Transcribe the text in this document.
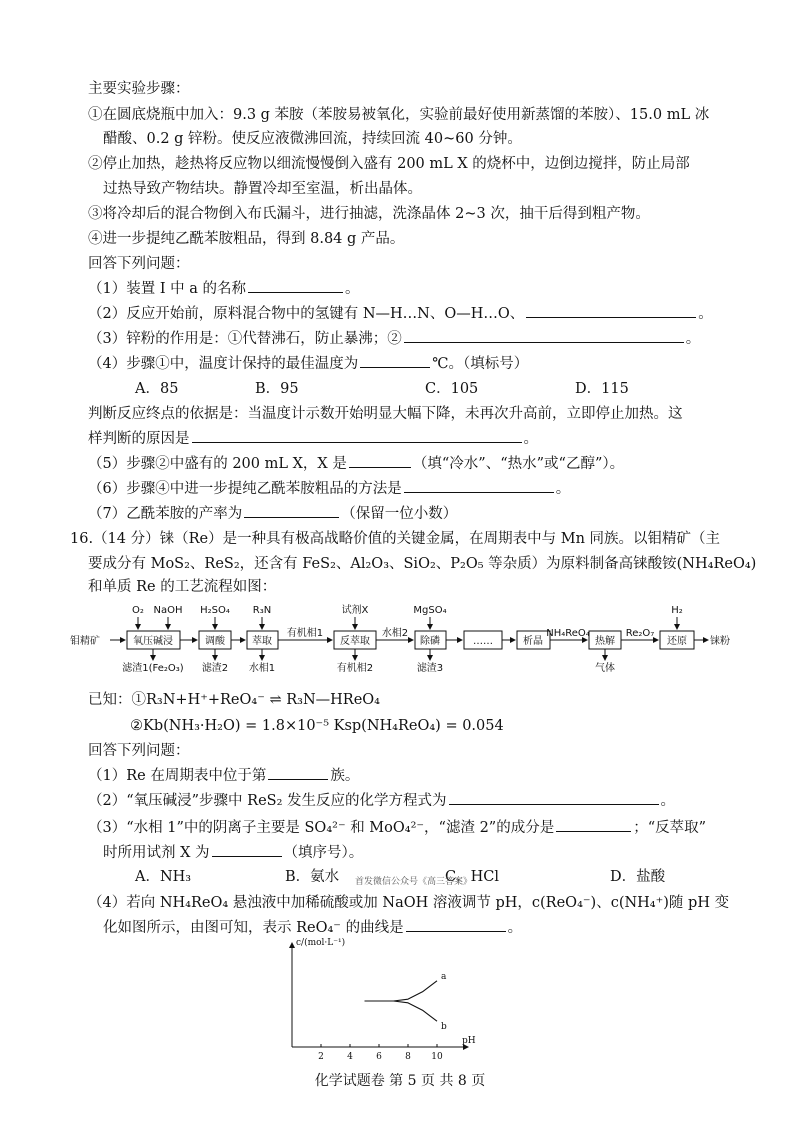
主要实验步骤：
①在圆底烧瓶中加入：9.3 g 苯胺（苯胺易被氧化，实验前最好使用新蒸馏的苯胺）、15.0 mL 冰
醋酸、0.2 g 锌粉。使反应液微沸回流，持续回流 40~60 分钟。
②停止加热，趁热将反应物以细流慢慢倒入盛有 200 mL X 的烧杯中，边倒边搅拌，防止局部
过热导致产物结块。静置冷却至室温，析出晶体。
③将冷却后的混合物倒入布氏漏斗，进行抽滤，洗涤晶体 2~3 次，抽干后得到粗产物。
④进一步提纯乙酰苯胺粗品，得到 8.84 g 产品。
回答下列问题：
（1）装置 I 中 a 的名称	。
（2）反应开始前，原料混合物中的氢键有 N—H…N、O—H…O、	。
（3）锌粉的作用是：①代替沸石，防止暴沸；②	。
（4）步骤①中，温度计保持的最佳温度为	℃。（填标号）
A．85	B．95	C．105	D．115
判断反应终点的依据是：当温度计示数开始明显大幅下降，未再次升高前，立即停止加热。这
样判断的原因是	。
（5）步骤②中盛有的 200 mL X，X 是	（填“冷水”、“热水”或“乙醇”）。
（6）步骤④中进一步提纯乙酰苯胺粗品的方法是	。
（7）乙酰苯胺的产率为	（保留一位小数）
16.（14 分）铼（Re）是一种具有极高战略价值的关键金属，在周期表中与 Mn 同族。以钼精矿（主
要成分有 MoS₂、ReS₂，还含有 FeS₂、Al₂O₃、SiO₂、P₂O₅ 等杂质）为原料制备高铼酸铵(NH₄ReO₄)
和单质 Re 的工艺流程如图：
钼精矿	铼粉
氧压碱浸	调酸	萃取	反萃取	除磷	……	析晶	热解	还原
O₂ NaOH H₂SO₄ R₃N	试剂X	MgSO₄	H₂
有机相1	水相2	NH₄ReO₄	Re₂O₇
滤渣1(Fe₂O₃) 滤渣2 水相1	有机相2	滤渣3	气体
已知：①R₃N+H⁺+ReO₄⁻ ⇌ R₃N—HReO₄
②Kb(NH₃·H₂O) = 1.8×10⁻⁵ Ksp(NH₄ReO₄) = 0.054
回答下列问题：
（1）Re 在周期表中位于第	族。
（2）“氧压碱浸”步骤中 ReS₂ 发生反应的化学方程式为	。
（3）“水相 1”中的阴离子主要是 SO₄²⁻ 和 MoO₄²⁻，“滤渣 2”的成分是	；“反萃取”
时所用试剂 X 为	（填序号）。
A．NH₃	B．氨水	C．HCl	D．盐酸
首发微信公众号《高三答案》
（4）若向 NH₄ReO₄ 悬浊液中加稀硫酸或加 NaOH 溶液调节 pH，c(ReO₄⁻)、c(NH₄⁺)随 pH 变
化如图所示，由图可知，表示 ReO₄⁻ 的曲线是	。
c/(mol·L⁻¹)
pH
2	4	6	8 10
a
b
化学试题卷 第 5 页 共 8 页
